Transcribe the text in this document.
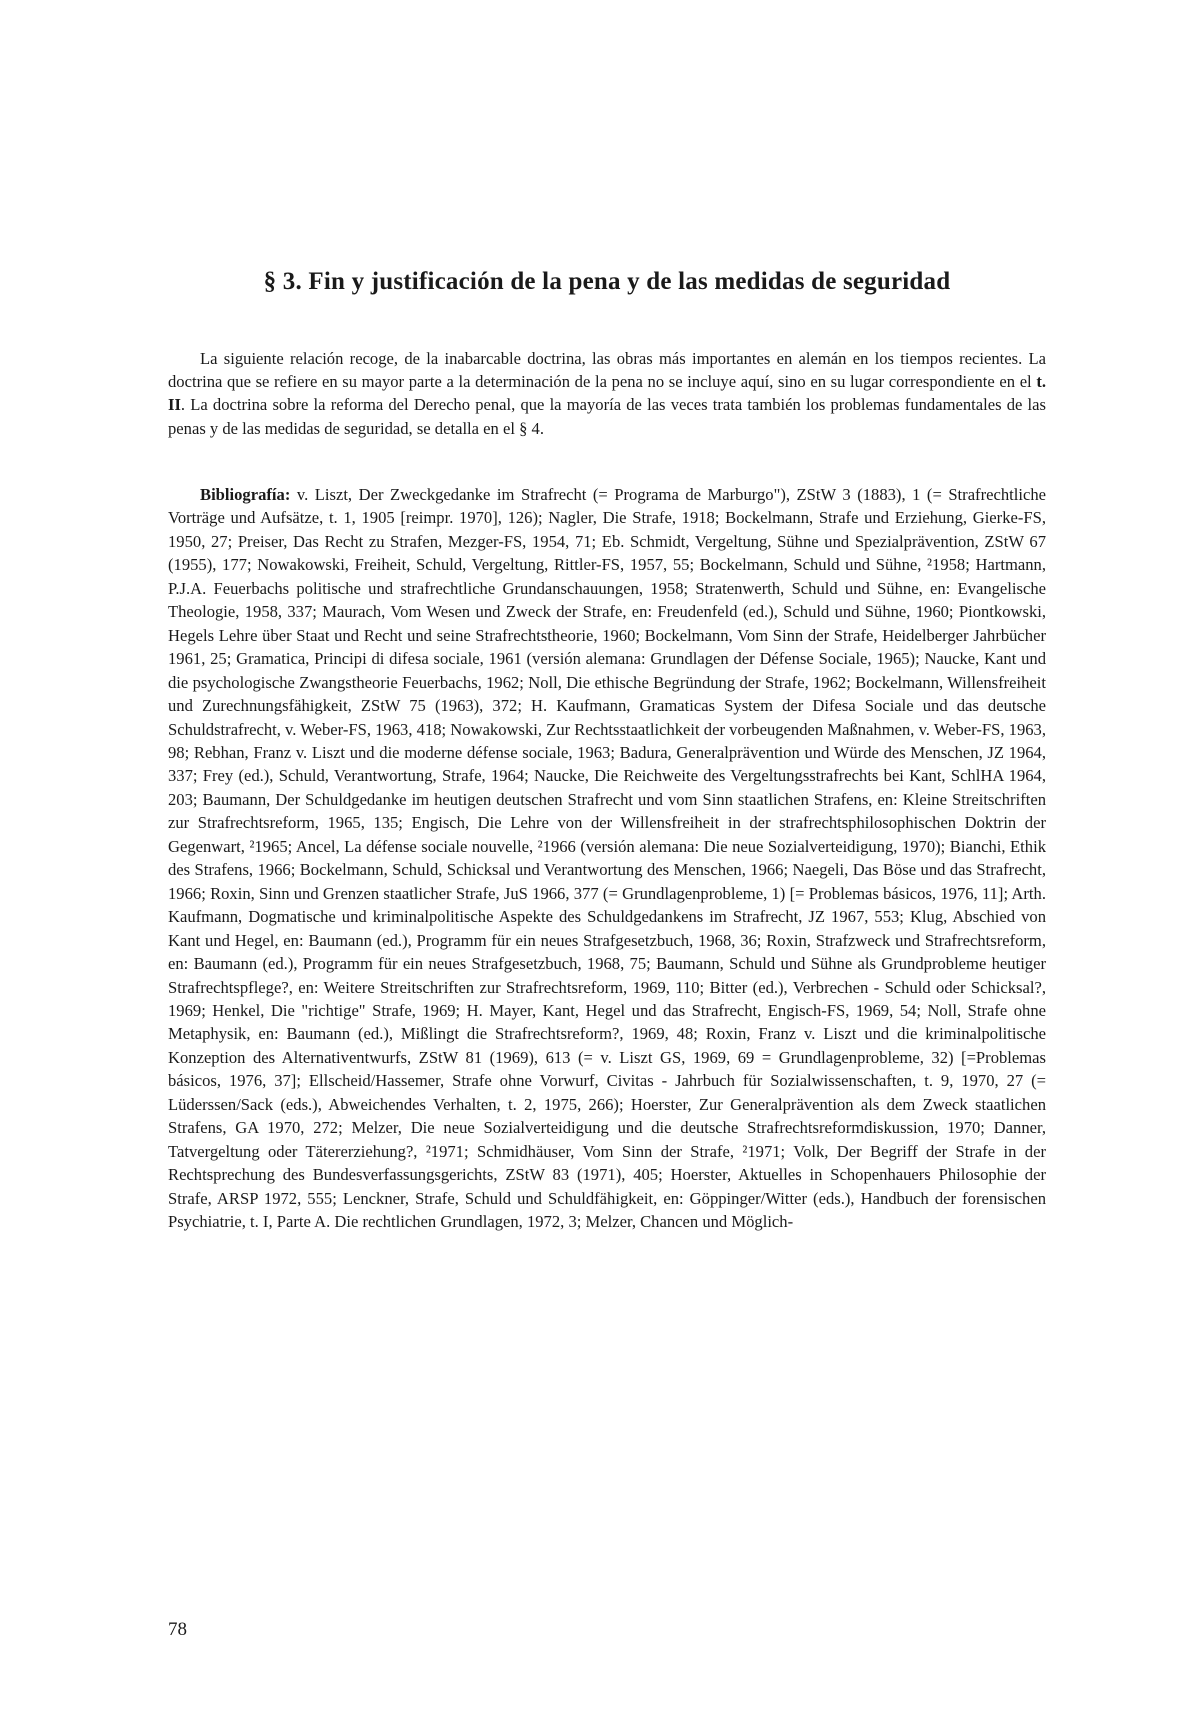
§ 3. Fin y justificación de la pena y de las medidas de seguridad

La siguiente relación recoge, de la inabarcable doctrina, las obras más importantes en alemán en los tiempos recientes. La doctrina que se refiere en su mayor parte a la determinación de la pena no se incluye aquí, sino en su lugar correspondiente en el t. II. La doctrina sobre la reforma del Derecho penal, que la mayoría de las veces trata también los problemas fundamentales de las penas y de las medidas de seguridad, se detalla en el § 4.

Bibliografía: v. Liszt, Der Zweckgedanke im Strafrecht (= Programa de Marburgo"), ZStW 3 (1883), 1 (= Strafrechtliche Vorträge und Aufsätze, t. 1, 1905 [reimpr. 1970], 126); Nagler, Die Strafe, 1918; Bockelmann, Strafe und Erziehung, Gierke-FS, 1950, 27; Preiser, Das Recht zu Strafen, Mezger-FS, 1954, 71; Eb. Schmidt, Vergeltung, Sühne und Spezialprävention, ZStW 67 (1955), 177; Nowakowski, Freiheit, Schuld, Vergeltung, Rittler-FS, 1957, 55; Bockelmann, Schuld und Sühne, ²1958; Hartmann, P.J.A. Feuerbachs politische und strafrechtliche Grundanschauungen, 1958; Stratenwerth, Schuld und Sühne, en: Evangelische Theologie, 1958, 337; Maurach, Vom Wesen und Zweck der Strafe, en: Freudenfeld (ed.), Schuld und Sühne, 1960; Piontkowski, Hegels Lehre über Staat und Recht und seine Strafrechtstheorie, 1960; Bockelmann, Vom Sinn der Strafe, Heidelberger Jahrbücher 1961, 25; Gramatica, Principi di difesa sociale, 1961 (versión alemana: Grundlagen der Défense Sociale, 1965); Naucke, Kant und die psychologische Zwangstheorie Feuerbachs, 1962; Noll, Die ethische Begründung der Strafe, 1962; Bockelmann, Willensfreiheit und Zurechnungsfähigkeit, ZStW 75 (1963), 372; H. Kaufmann, Gramaticas System der Difesa Sociale und das deutsche Schuldstrafrecht, v. Weber-FS, 1963, 418; Nowakowski, Zur Rechtsstaatlichkeit der vorbeugenden Maßnahmen, v. Weber-FS, 1963, 98; Rebhan, Franz v. Liszt und die moderne défense sociale, 1963; Badura, Generalprävention und Würde des Menschen, JZ 1964, 337; Frey (ed.), Schuld, Verantwortung, Strafe, 1964; Naucke, Die Reichweite des Vergeltungsstrafrechts bei Kant, SchlHA 1964, 203; Baumann, Der Schuldgedanke im heutigen deutschen Strafrecht und vom Sinn staatlichen Strafens, en: Kleine Streitschriften zur Strafrechtsreform, 1965, 135; Engisch, Die Lehre von der Willensfreiheit in der strafrechtsphilosophischen Doktrin der Gegenwart, ²1965; Ancel, La défense sociale nouvelle, ²1966 (versión alemana: Die neue Sozialverteidigung, 1970); Bianchi, Ethik des Strafens, 1966; Bockelmann, Schuld, Schicksal und Verantwortung des Menschen, 1966; Naegeli, Das Böse und das Strafrecht, 1966; Roxin, Sinn und Grenzen staatlicher Strafe, JuS 1966, 377 (= Grundlagenprobleme, 1) [= Problemas básicos, 1976, 11]; Arth. Kaufmann, Dogmatische und kriminalpolitische Aspekte des Schuldgedankens im Strafrecht, JZ 1967, 553; Klug, Abschied von Kant und Hegel, en: Baumann (ed.), Programm für ein neues Strafgesetzbuch, 1968, 36; Roxin, Strafzweck und Strafrechtsreform, en: Baumann (ed.), Programm für ein neues Strafgesetzbuch, 1968, 75; Baumann, Schuld und Sühne als Grundprobleme heutiger Strafrechtspflege?, en: Weitere Streitschriften zur Strafrechtsreform, 1969, 110; Bitter (ed.), Verbrechen - Schuld oder Schicksal?, 1969; Henkel, Die "richtige" Strafe, 1969; H. Mayer, Kant, Hegel und das Strafrecht, Engisch-FS, 1969, 54; Noll, Strafe ohne Metaphysik, en: Baumann (ed.), Mißlingt die Strafrechtsreform?, 1969, 48; Roxin, Franz v. Liszt und die kriminalpolitische Konzeption des Alternativentwurfs, ZStW 81 (1969), 613 (= v. Liszt GS, 1969, 69 = Grundlagenprobleme, 32) [=Problemas básicos, 1976, 37]; Ellscheid/Hassemer, Strafe ohne Vorwurf, Civitas - Jahrbuch für Sozialwissenschaften, t. 9, 1970, 27 (= Lüderssen/Sack (eds.), Abweichendes Verhalten, t. 2, 1975, 266); Hoerster, Zur Generalprävention als dem Zweck staatlichen Strafens, GA 1970, 272; Melzer, Die neue Sozialverteidigung und die deutsche Strafrechtsreformdiskussion, 1970; Danner, Tatvergeltung oder Tätererziehung?, ²1971; Schmidhäuser, Vom Sinn der Strafe, ²1971; Volk, Der Begriff der Strafe in der Rechtsprechung des Bundesverfassungsgerichts, ZStW 83 (1971), 405; Hoerster, Aktuelles in Schopenhauers Philosophie der Strafe, ARSP 1972, 555; Lenckner, Strafe, Schuld und Schuldfähigkeit, en: Göppinger/Witter (eds.), Handbuch der forensischen Psychiatrie, t. I, Parte A. Die rechtlichen Grundlagen, 1972, 3; Melzer, Chancen und Möglich-

78
